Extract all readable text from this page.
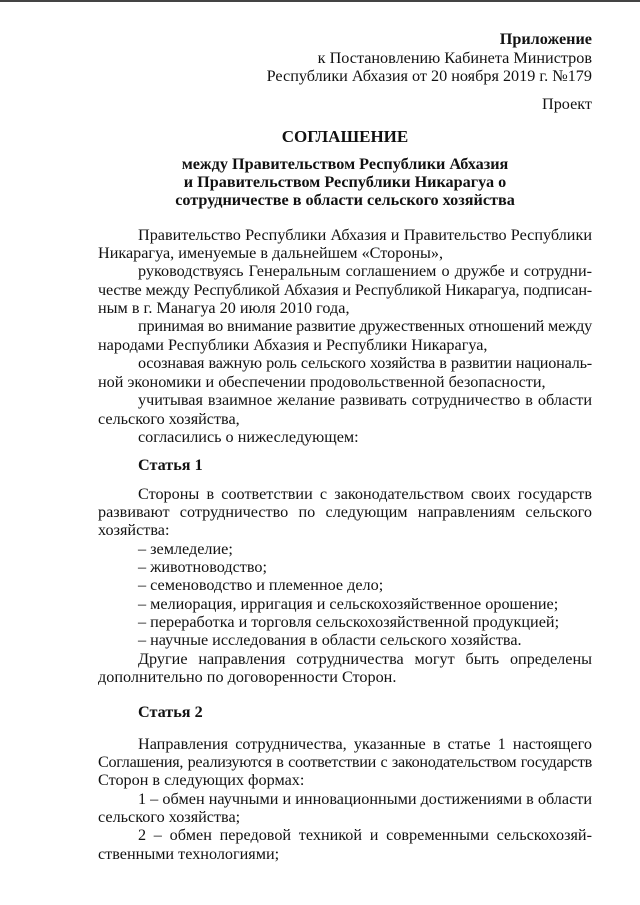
Приложение
к Постановлению Кабинета Министров
Республики Абхазия от 20 ноября 2019 г. №179
Проект
СОГЛАШЕНИЕ
между Правительством Республики Абхазия
и Правительством Республики Никарагуа о
сотрудничестве в области сельского хозяйства
Правительство Республики Абхазия и Правительство Республики
Никарагуа, именуемые в дальнейшем «Стороны»,
руководствуясь Генеральным соглашением о дружбе и сотрудни-
честве между Республикой Абхазия и Республикой Никарагуа, подписан-
ным в г. Манагуа 20 июля 2010 года,
принимая во внимание развитие дружественных отношений между
народами Республики Абхазия и Республики Никарагуа,
осознавая важную роль сельского хозяйства в развитии националь-
ной экономики и обеспечении продовольственной безопасности,
учитывая взаимное желание развивать сотрудничество в области
сельского хозяйства,
согласились о нижеследующем:
Статья 1
Стороны в соответствии с законодательством своих государств
развивают сотрудничество по следующим направлениям сельского
хозяйства:
– земледелие;
– животноводство;
– семеноводство и племенное дело;
– мелиорация, ирригация и сельскохозяйственное орошение;
– переработка и торговля сельскохозяйственной продукцией;
– научные исследования в области сельского хозяйства.
Другие направления сотрудничества могут быть определены
дополнительно по договоренности Сторон.
Статья 2
Направления сотрудничества, указанные в статье 1 настоящего
Соглашения, реализуются в соответствии с законодательством государств
Сторон в следующих формах:
1 – обмен научными и инновационными достижениями в области
сельского хозяйства;
2 – обмен передовой техникой и современными сельскохозяй-
ственными технологиями;
